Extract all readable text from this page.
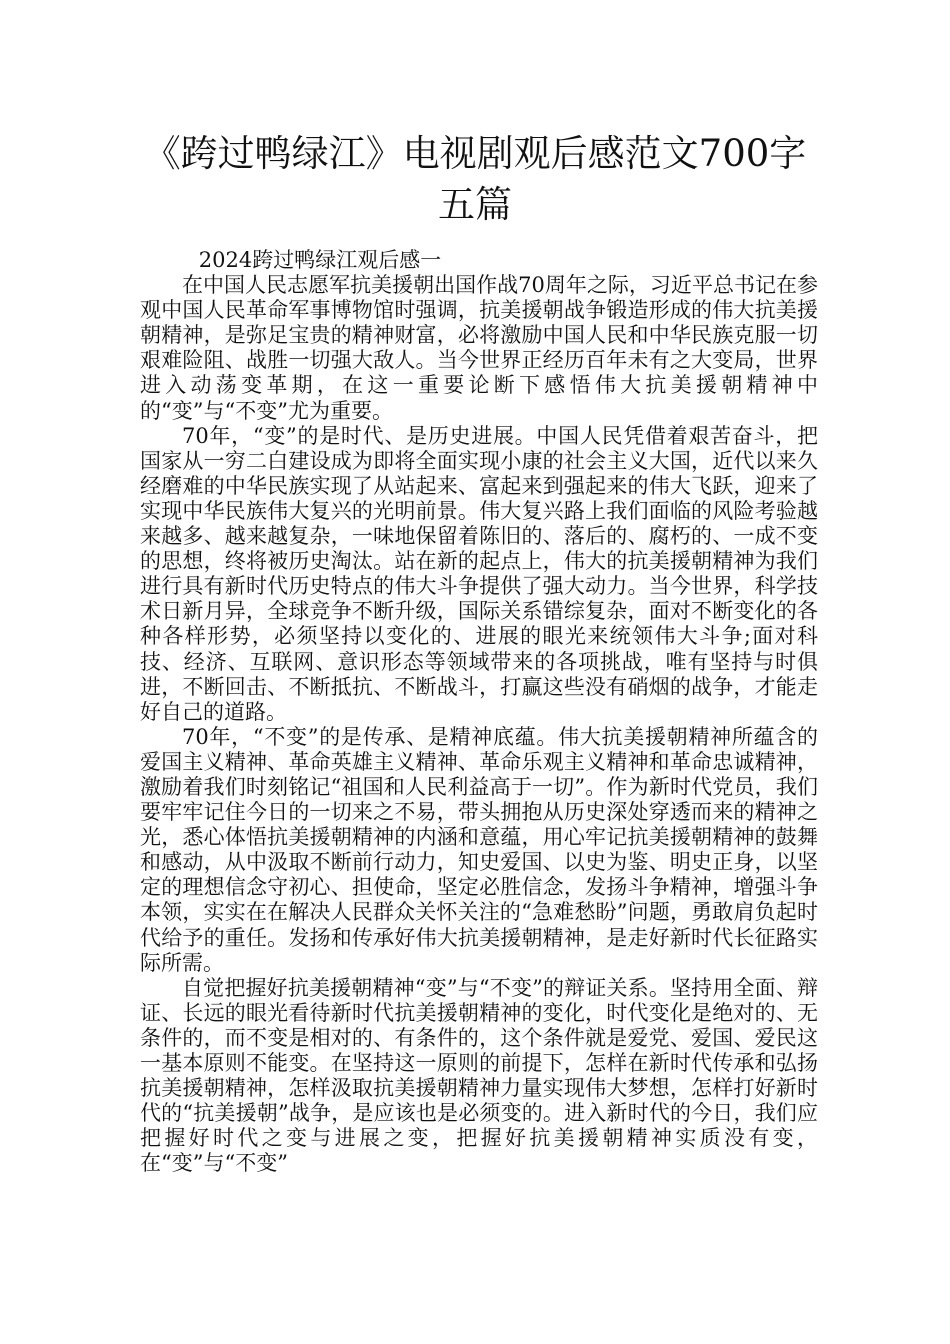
《跨过鸭绿江》电视剧观后感范文700字
五篇

2024跨过鸭绿江观后感一

在中国人民志愿军抗美援朝出国作战70周年之际，习近平总书记在参观中国人民革命军事博物馆时强调，抗美援朝战争锻造形成的伟大抗美援朝精神，是弥足宝贵的精神财富，必将激励中国人民和中华民族克服一切艰难险阻、战胜一切强大敌人。当今世界正经历百年未有之大变局，世界进入动荡变革期，在这一重要论断下感悟伟大抗美援朝精神中的“变”与“不变”尤为重要。

70年，“变”的是时代、是历史进展。中国人民凭借着艰苦奋斗，把国家从一穷二白建设成为即将全面实现小康的社会主义大国，近代以来久经磨难的中华民族实现了从站起来、富起来到强起来的伟大飞跃，迎来了实现中华民族伟大复兴的光明前景。伟大复兴路上我们面临的风险考验越来越多、越来越复杂，一味地保留着陈旧的、落后的、腐朽的、一成不变的思想，终将被历史淘汰。站在新的起点上，伟大的抗美援朝精神为我们进行具有新时代历史特点的伟大斗争提供了强大动力。当今世界，科学技术日新月异，全球竞争不断升级，国际关系错综复杂，面对不断变化的各种各样形势，必须坚持以变化的、进展的眼光来统领伟大斗争;面对科技、经济、互联网、意识形态等领域带来的各项挑战，唯有坚持与时俱进，不断回击、不断抵抗、不断战斗，打赢这些没有硝烟的战争，才能走好自己的道路。

70年，“不变”的是传承、是精神底蕴。伟大抗美援朝精神所蕴含的爱国主义精神、革命英雄主义精神、革命乐观主义精神和革命忠诚精神，激励着我们时刻铭记“祖国和人民利益高于一切”。作为新时代党员，我们要牢牢记住今日的一切来之不易，带头拥抱从历史深处穿透而来的精神之光，悉心体悟抗美援朝精神的内涵和意蕴，用心牢记抗美援朝精神的鼓舞和感动，从中汲取不断前行动力，知史爱国、以史为鉴、明史正身，以坚定的理想信念守初心、担使命，坚定必胜信念，发扬斗争精神，增强斗争本领，实实在在解决人民群众关怀关注的“急难愁盼”问题，勇敢肩负起时代给予的重任。发扬和传承好伟大抗美援朝精神，是走好新时代长征路实际所需。

自觉把握好抗美援朝精神“变”与“不变”的辩证关系。坚持用全面、辩证、长远的眼光看待新时代抗美援朝精神的变化，时代变化是绝对的、无条件的，而不变是相对的、有条件的，这个条件就是爱党、爱国、爱民这一基本原则不能变。在坚持这一原则的前提下，怎样在新时代传承和弘扬抗美援朝精神，怎样汲取抗美援朝精神力量实现伟大梦想，怎样打好新时代的“抗美援朝”战争，是应该也是必须变的。进入新时代的今日，我们应把握好时代之变与进展之变，把握好抗美援朝精神实质没有变，在“变”与“不变”
